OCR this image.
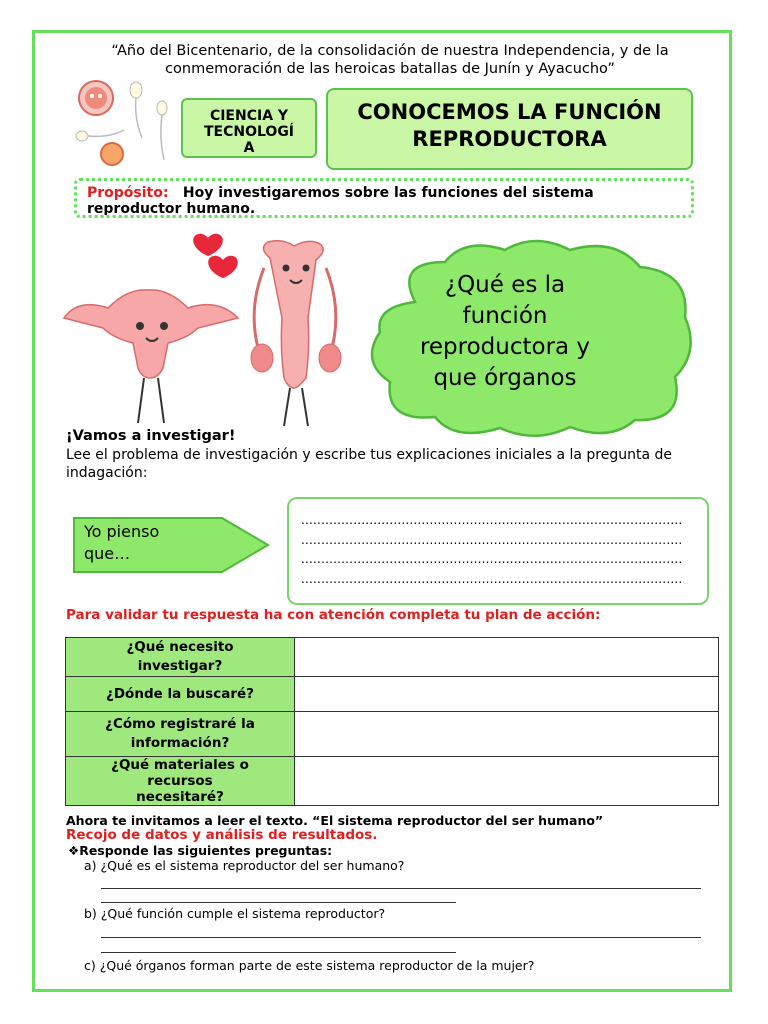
“Año del Bicentenario, de la consolidación de nuestra Independencia, y de la
conmemoración de las heroicas batallas de Junín y Ayacucho”
CIENCIA Y
TECNOLOGÍ
A
CONOCEMOS LA FUNCIÓN
REPRODUCTORA
Propósito: Hoy investigaremos sobre las funciones del sistema reproductor humano.
¿Qué es la
función
reproductora y
que órganos
¡Vamos a investigar!
Lee el problema de investigación y escribe tus explicaciones iniciales a la pregunta de indagación:
Yo pienso
que…
...............................................................................................
...............................................................................................
...............................................................................................
...............................................................................................
Para validar tu respuesta ha con atención completa tu plan de acción:
¿Qué necesito
investigar?	

¿Dónde la buscaré?	

¿Cómo registraré la
información?	

¿Qué materiales o
recursos
necesitaré?	

Ahora te invitamos a leer el texto. “El sistema reproductor del ser humano”
Recojo de datos y análisis de resultados.
❖Responde las siguientes preguntas:
a) ¿Qué es el sistema reproductor del ser humano?
b) ¿Qué función cumple el sistema reproductor?
c) ¿Qué órganos forman parte de este sistema reproductor de la mujer?
